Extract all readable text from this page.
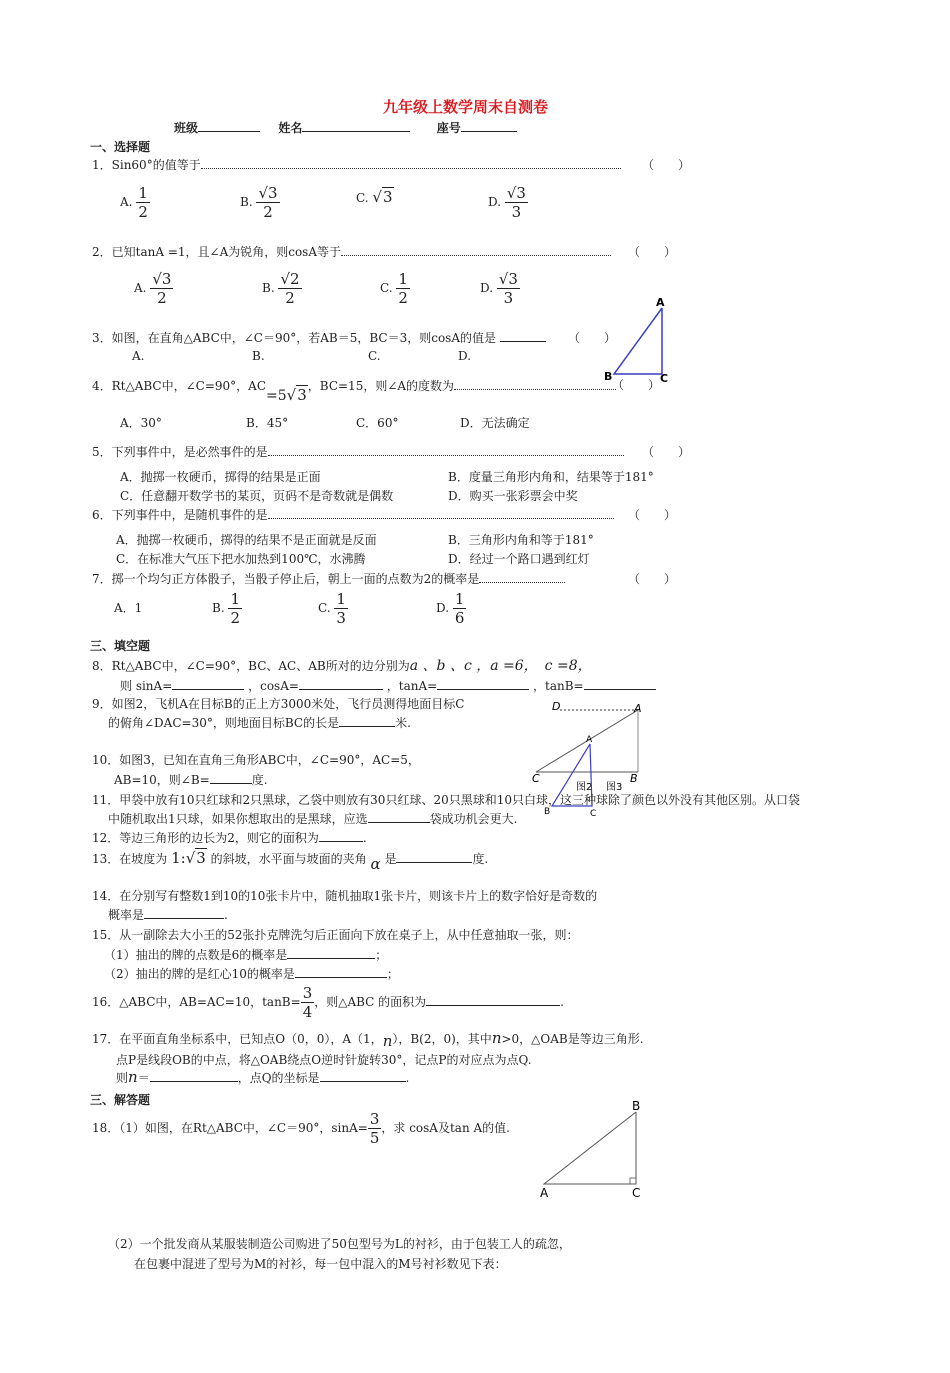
九年级上数学周末自测卷
班级	姓名	座号
一、选择题
1．Sin60°的值等于	（　　）
A. $\frac{1}{2}$	B. $\frac{√3}{2}$	C. √3	D. $\frac{√3}{3}$
2．已知tanA =1，且∠A为锐角，则cosA等于	（　　）
A. $\frac{√3}{2}$	B. $\frac{√2}{2}$	C. $\frac{1}{2}$	D. $\frac{√3}{3}$
3．如图，在直角△ABC中，∠C＝90°，若AB＝5，BC＝3，则cosA的值是	（　　）
A.	B.	C.	D.
A
B	C
4．Rt△ABC中，∠C=90°，AC=5√3，BC=15，则∠A的度数为	（　　）
A．30°	B．45°	C．60°	D．无法确定
5．下列事件中，是必然事件的是	（　　）
A．抛掷一枚硬币，掷得的结果是正面	B．度量三角形内角和，结果等于181°
C．任意翻开数学书的某页，页码不是奇数就是偶数	D．购买一张彩票会中奖
6．下列事件中，是随机事件的是	（　　）
A．抛掷一枚硬币，掷得的结果不是正面就是反面	B．三角形内角和等于181°
C．在标准大气压下把水加热到100℃，水沸腾	D．经过一个路口遇到红灯
7．掷一个均匀正方体骰子，当骰子停止后，朝上一面的点数为2的概率是	（　　）
A．1	B. $\frac{1}{2}$	C. $\frac{1}{3}$	D. $\frac{1}{6}$
三、填空题
8．Rt△ABC中，∠C=90°，BC、AC、AB所对的边分别为a 、b 、c ，a =6，　c =8，
则 sinA=	，cosA=	，tanA=	，tanB=
9．如图2，飞机A在目标B的正上方3000米处，飞行员测得地面目标C
的俯角∠DAC=30°，则地面目标BC的长是	米.
D	A
C	B
图2
A
B	C
图3
10．如图3，已知在直角三角形ABC中，∠C=90°，AC=5，
AB=10，则∠B=	度.
11．甲袋中放有10只红球和2只黑球，乙袋中则放有30只红球、20只黑球和10只白球，这三种球除了颜色以外没有其他区别。从口袋
中随机取出1只球，如果你想取出的是黑球，应选	袋成功机会更大.
12．等边三角形的边长为2，则它的面积为	.
13．在坡度为 1:√3 的斜坡，水平面与坡面的夹角 α 是	度.
14．在分别写有整数1到10的10张卡片中，随机抽取1张卡片，则该卡片上的数字恰好是奇数的
概率是	.
15．从一副除去大小王的52张扑克牌洗匀后正面向下放在桌子上，从中任意抽取一张，则：
（1）抽出的牌的点数是6的概率是	；
（2）抽出的牌的是红心10的概率是	；
16．△ABC中，AB=AC=10，$\tan B= \frac{3}{4}$ ，则△ABC 的面积为	.
17．在平面直角坐标系中，已知点O（0，0），A（1，n），B(2，0)，其中n>0，△OAB是等边三角形.
点P是线段OB的中点，将△OAB绕点O逆时针旋转30°，记点P的对应点为点Q.
则n＝	，点Q的坐标是	.
三、解答题
18．（1）如图，在Rt△ABC中，∠C＝90°，$\sin A= \frac{3}{5}$ ，求 cosA及tan A的值.
B
A	C
（2）一个批发商从某服装制造公司购进了50包型号为L的衬衫，由于包装工人的疏忽，
在包裹中混进了型号为M的衬衫，每一包中混入的M号衬衫数见下表：
